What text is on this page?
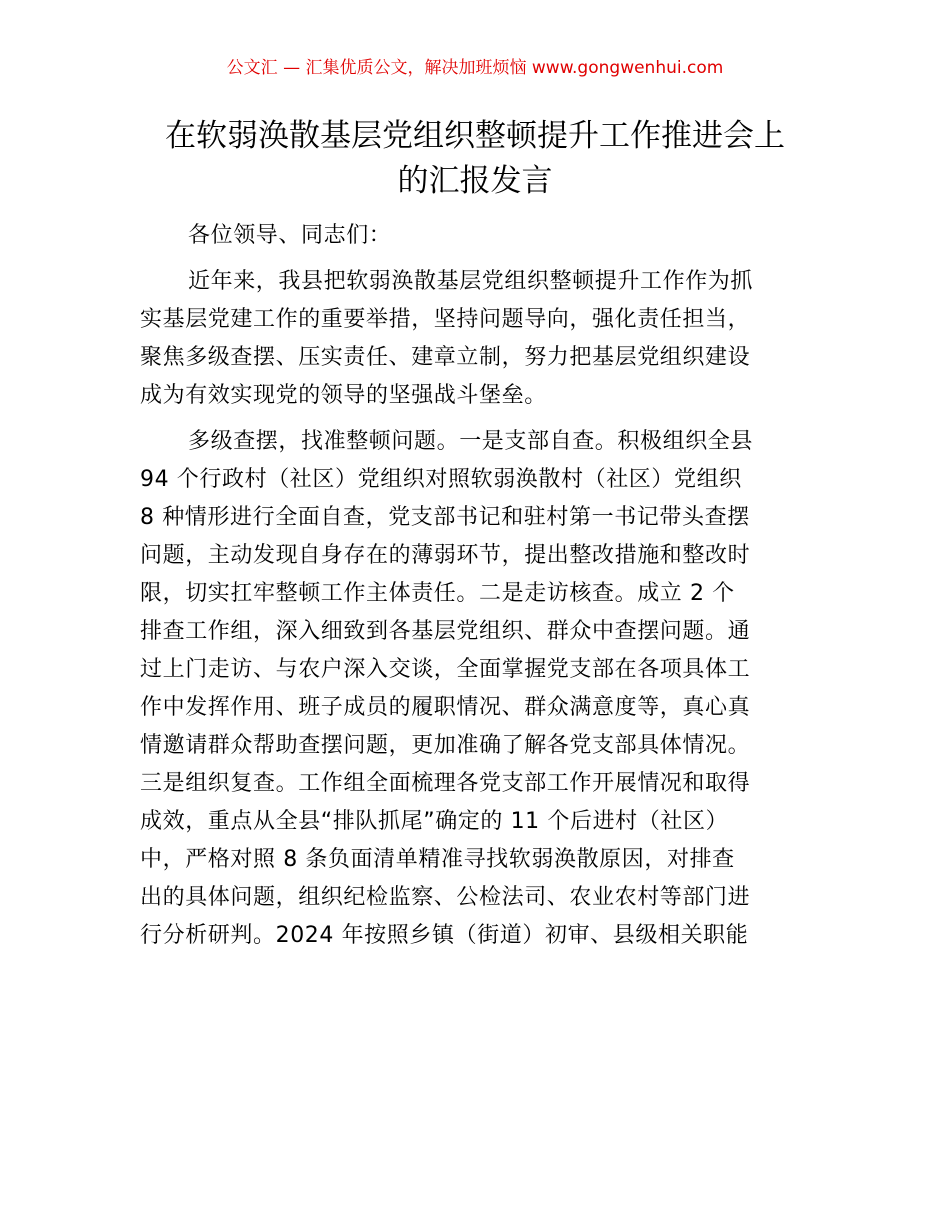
公文汇 — 汇集优质公文，解决加班烦恼 www.gongwenhui.com
在软弱涣散基层党组织整顿提升工作推进会上
的汇报发言

各位领导、同志们：

近年来，我县把软弱涣散基层党组织整顿提升工作作为抓
实基层党建工作的重要举措，坚持问题导向，强化责任担当，
聚焦多级查摆、压实责任、建章立制，努力把基层党组织建设
成为有效实现党的领导的坚强战斗堡垒。

多级查摆，找准整顿问题。一是支部自查。积极组织全县
94 个行政村（社区）党组织对照软弱涣散村（社区）党组织
8 种情形进行全面自查，党支部书记和驻村第一书记带头查摆
问题，主动发现自身存在的薄弱环节，提出整改措施和整改时
限，切实扛牢整顿工作主体责任。二是走访核查。成立 2 个
排查工作组，深入细致到各基层党组织、群众中查摆问题。通
过上门走访、与农户深入交谈，全面掌握党支部在各项具体工
作中发挥作用、班子成员的履职情况、群众满意度等，真心真
情邀请群众帮助查摆问题，更加准确了解各党支部具体情况。
三是组织复查。工作组全面梳理各党支部工作开展情况和取得
成效，重点从全县“排队抓尾”确定的 11 个后进村（社区）
中，严格对照 8 条负面清单精准寻找软弱涣散原因，对排查
出的具体问题，组织纪检监察、公检法司、农业农村等部门进
行分析研判。2024 年按照乡镇（街道）初审、县级相关职能
